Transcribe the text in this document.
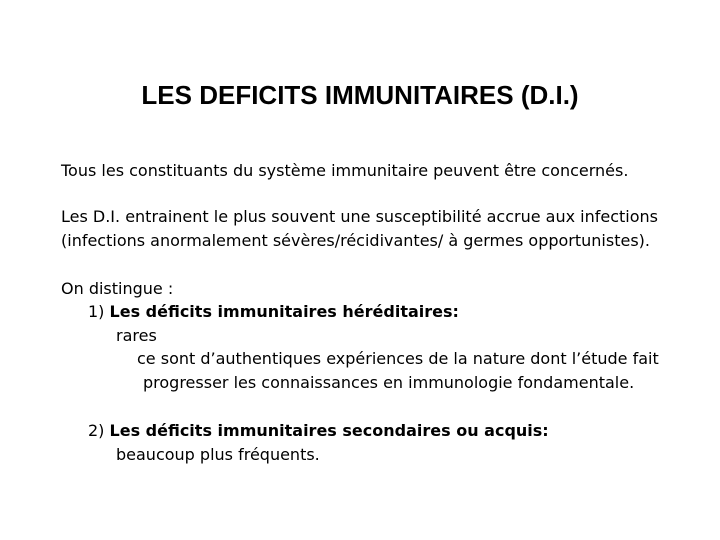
LES DEFICITS IMMUNITAIRES (D.I.)
Tous les constituants du système immunitaire peuvent être concernés.
Les D.I. entrainent le plus souvent une susceptibilité accrue aux infections
(infections anormalement sévères/récidivantes/ à germes opportunistes).
On distingue :
1) Les déficits immunitaires héréditaires:
rares
ce sont d’authentiques expériences de la nature dont l’étude fait
progresser les connaissances en immunologie fondamentale.
2) Les déficits immunitaires secondaires ou acquis:
beaucoup plus fréquents.
